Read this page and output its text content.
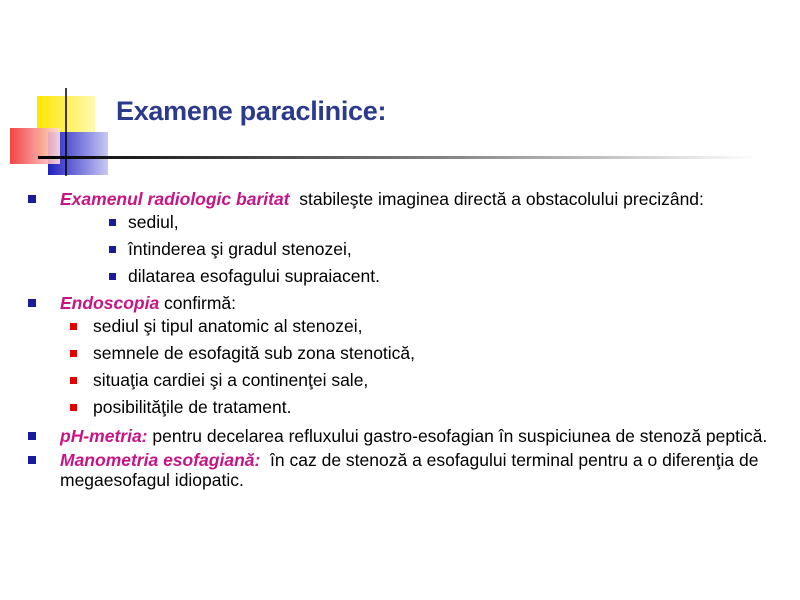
Examene paraclinice:
Examenul radiologic baritat  stabileşte imaginea directă a obstacolului precizând:
sediul,
întinderea şi gradul stenozei,
dilatarea esofagului supraiacent.
Endoscopia confirmă:
sediul şi tipul anatomic al stenozei,
semnele de esofagită sub zona stenotică,
situaţia cardiei şi a continenţei sale,
posibilităţile de tratament.
pH-metria: pentru decelarea refluxului gastro-esofagian în suspiciunea de stenoză peptică.
Manometria esofagiană:  în caz de stenoză a esofagului terminal pentru a o diferenţia de megaesofagul idiopatic.
